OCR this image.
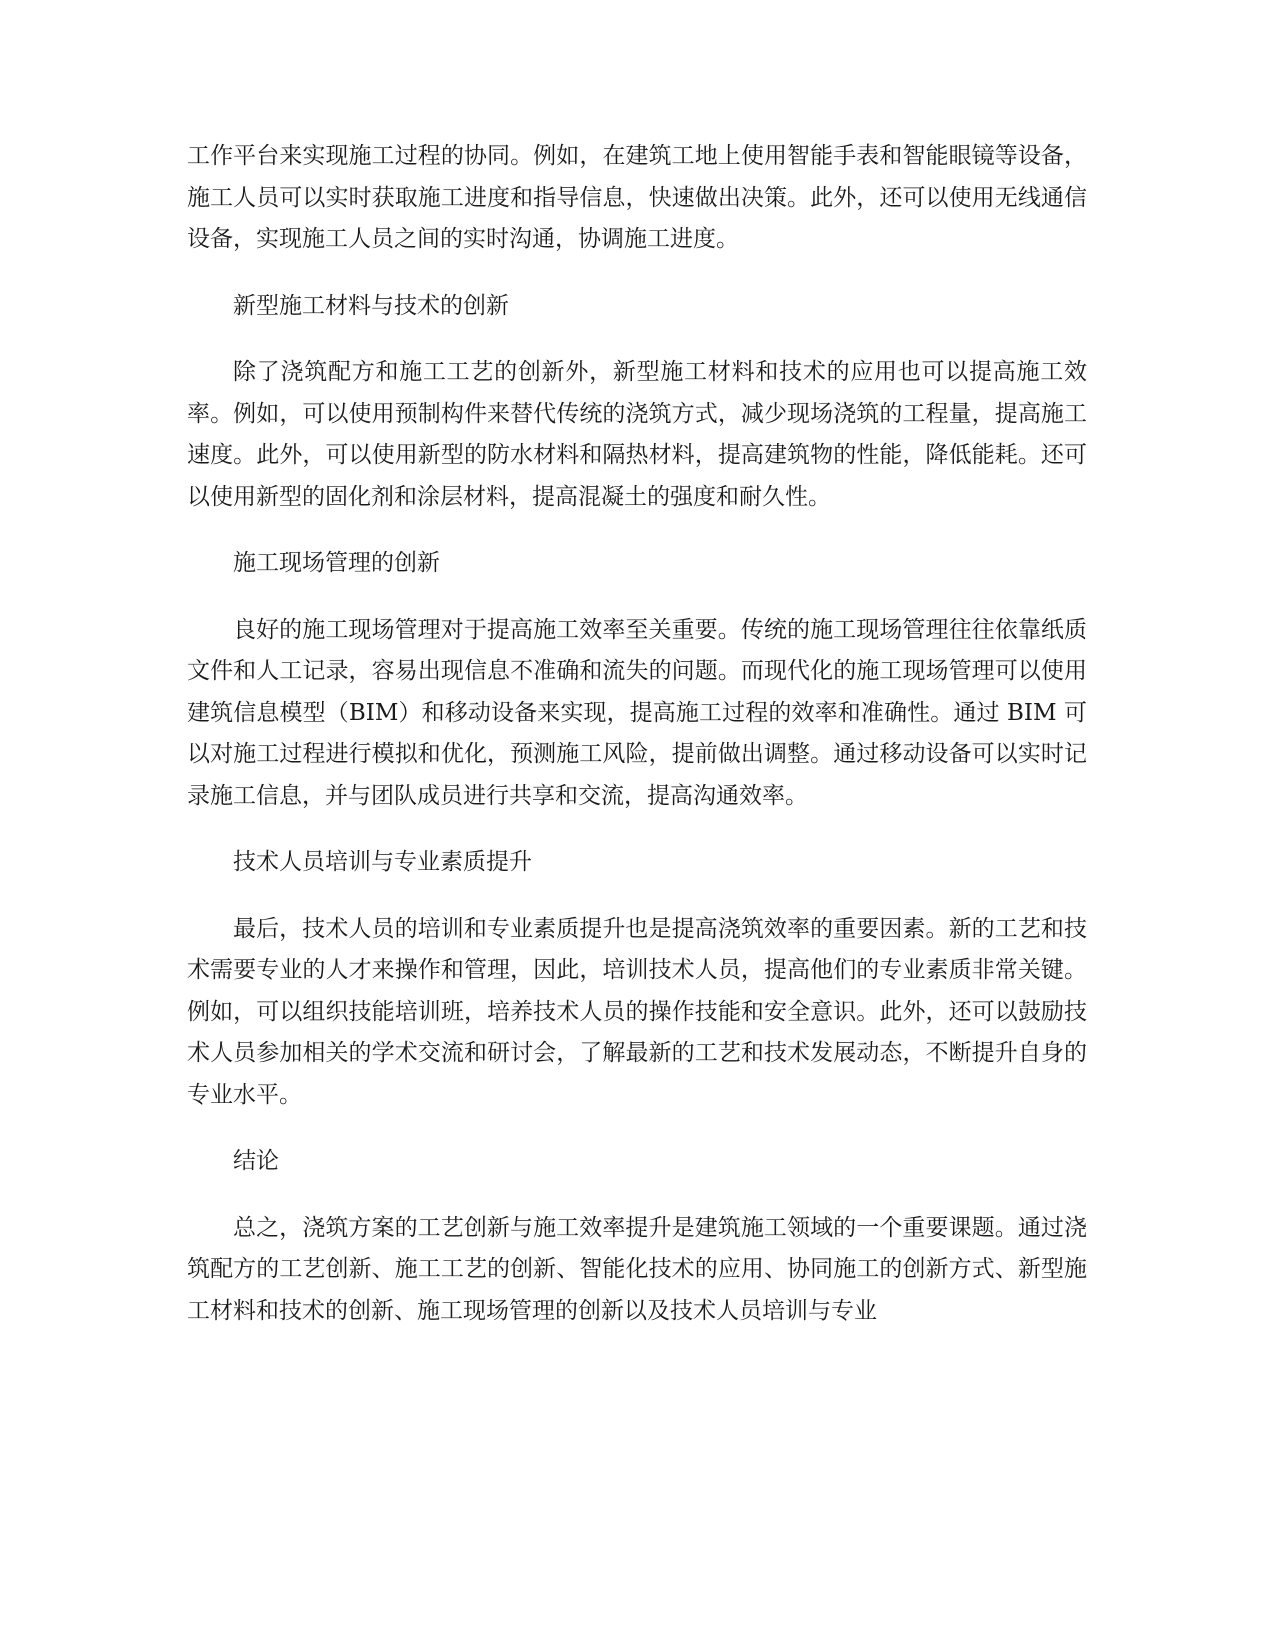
工作平台来实现施工过程的协同。例如，在建筑工地上使用智能手表和智能眼镜等设备，施工人员可以实时获取施工进度和指导信息，快速做出决策。此外，还可以使用无线通信设备，实现施工人员之间的实时沟通，协调施工进度。

新型施工材料与技术的创新

除了浇筑配方和施工工艺的创新外，新型施工材料和技术的应用也可以提高施工效率。例如，可以使用预制构件来替代传统的浇筑方式，减少现场浇筑的工程量，提高施工速度。此外，可以使用新型的防水材料和隔热材料，提高建筑物的性能，降低能耗。还可以使用新型的固化剂和涂层材料，提高混凝土的强度和耐久性。

施工现场管理的创新

良好的施工现场管理对于提高施工效率至关重要。传统的施工现场管理往往依靠纸质文件和人工记录，容易出现信息不准确和流失的问题。而现代化的施工现场管理可以使用建筑信息模型（BIM）和移动设备来实现，提高施工过程的效率和准确性。通过 BIM 可以对施工过程进行模拟和优化，预测施工风险，提前做出调整。通过移动设备可以实时记录施工信息，并与团队成员进行共享和交流，提高沟通效率。

技术人员培训与专业素质提升

最后，技术人员的培训和专业素质提升也是提高浇筑效率的重要因素。新的工艺和技术需要专业的人才来操作和管理，因此，培训技术人员，提高他们的专业素质非常关键。例如，可以组织技能培训班，培养技术人员的操作技能和安全意识。此外，还可以鼓励技术人员参加相关的学术交流和研讨会，了解最新的工艺和技术发展动态，不断提升自身的专业水平。

结论

总之，浇筑方案的工艺创新与施工效率提升是建筑施工领域的一个重要课题。通过浇筑配方的工艺创新、施工工艺的创新、智能化技术的应用、协同施工的创新方式、新型施工材料和技术的创新、施工现场管理的创新以及技术人员培训与专业
